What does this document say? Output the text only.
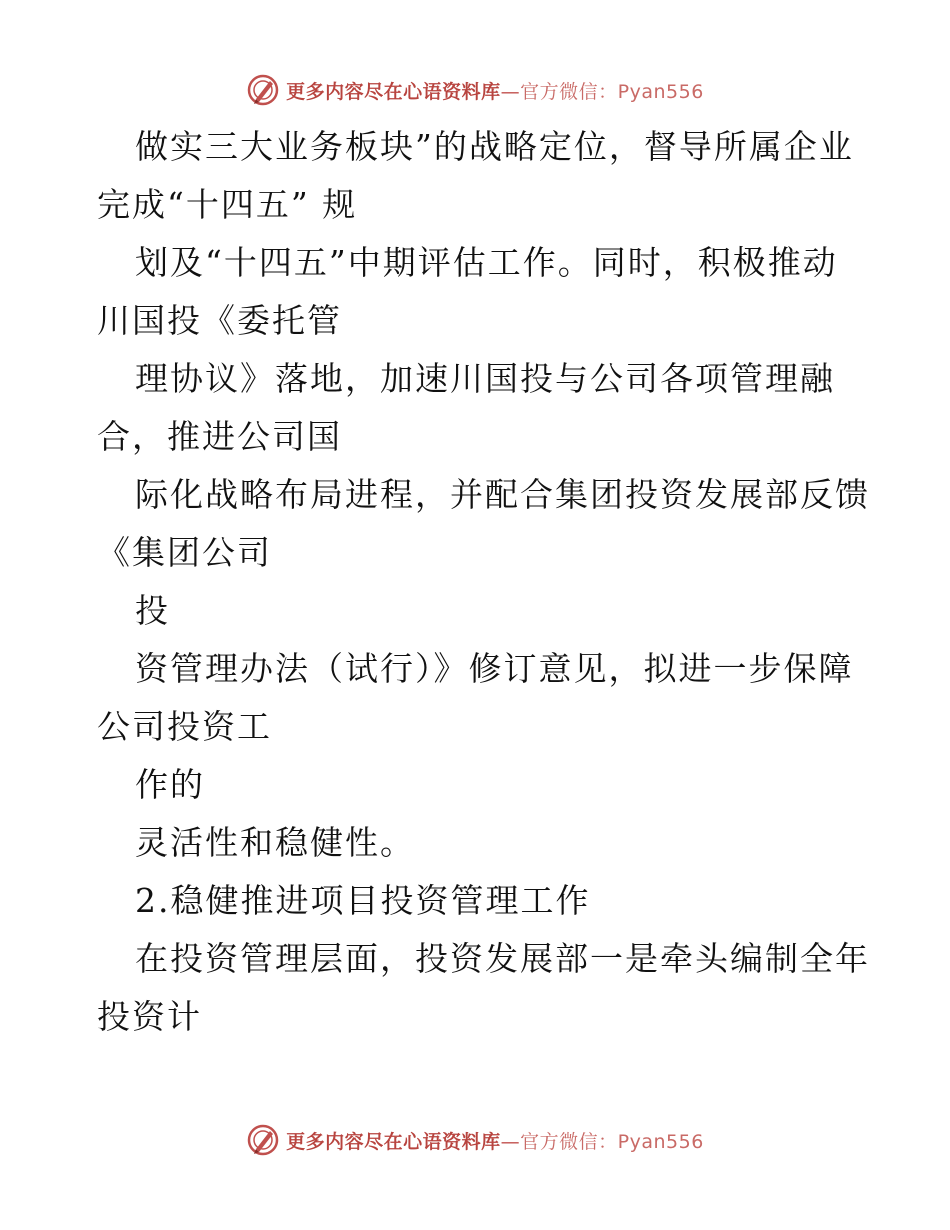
更多内容尽在心语资料库—官方微信：Pyan556
做实三大业务板块”的战略定位，督导所属企业
完成“十四五” 规
划及“十四五”中期评估工作。同时，积极推动
川国投《委托管
理协议》落地，加速川国投与公司各项管理融
合，推进公司国
际化战略布局进程，并配合集团投资发展部反馈
《集团公司
投
资管理办法（试行）》修订意见，拟进一步保障
公司投资工
作的
灵活性和稳健性。
2.稳健推进项目投资管理工作
在投资管理层面，投资发展部一是牵头编制全年
投资计
更多内容尽在心语资料库—官方微信：Pyan556
